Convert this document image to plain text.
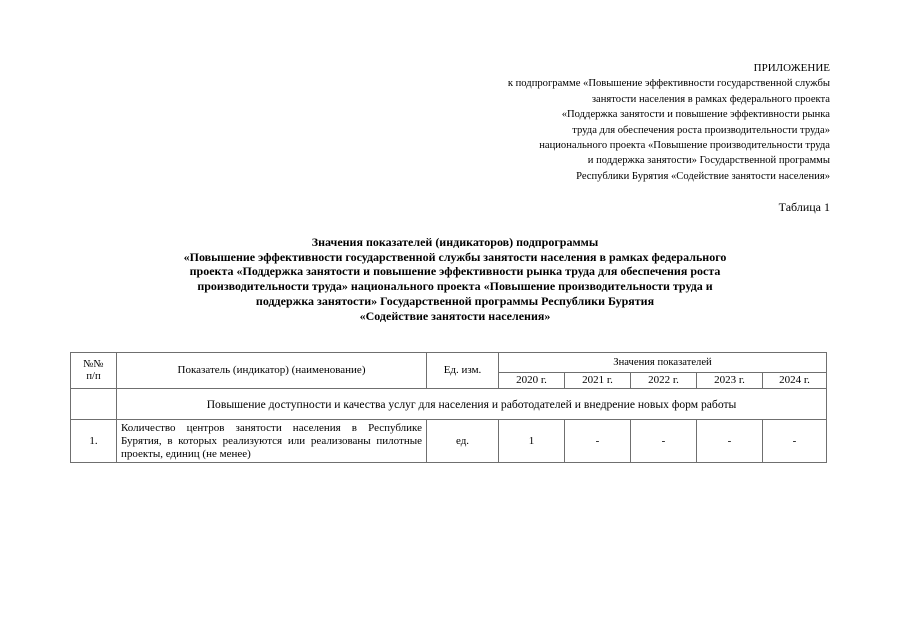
ПРИЛОЖЕНИЕ
к подпрограмме «Повышение эффективности государственной службы
занятости населения в рамках федерального проекта
«Поддержка занятости и повышение эффективности рынка
труда для обеспечения роста производительности труда»
национального проекта «Повышение производительности труда
и поддержка занятости» Государственной программы
Республики Бурятия «Содействие занятости населения»
Таблица 1
Значения показателей (индикаторов) подпрограммы
«Повышение эффективности государственной службы занятости населения в рамках федерального
проекта «Поддержка занятости и повышение эффективности рынка труда для обеспечения роста
производительности труда» национального проекта «Повышение производительности труда и
поддержка занятости» Государственной программы Республики Бурятия
«Содействие занятости населения»
№№
п/п	Показатель (индикатор) (наименование)	Ед. изм.	Значения показателей				
			2020 г.	2021 г.	2022 г.	2023 г.	2024 г.
	Повышение доступности и качества услуг для населения и работодателей и внедрение новых форм работы						
1.	Количество центров занятости населения в Республике Бурятия, в которых реализуются или реализованы пилотные проекты, единиц (не менее)	ед.	1	-	-	-	-
